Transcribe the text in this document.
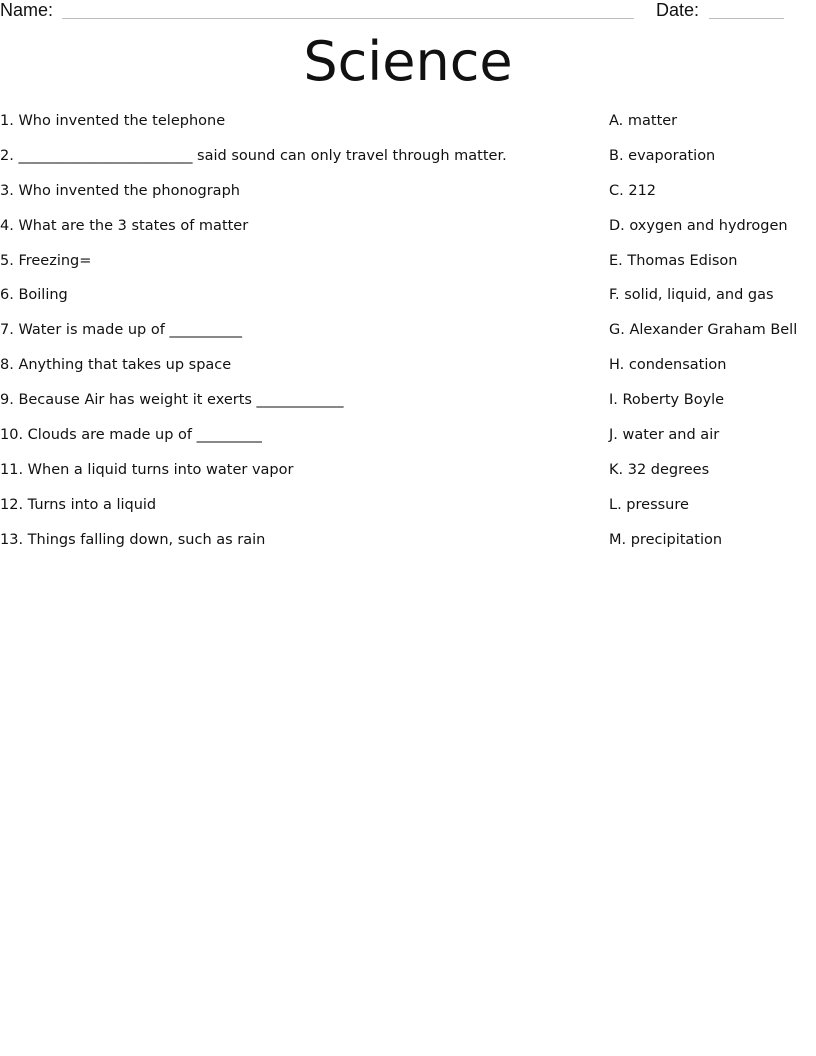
Name:	Date:
Science
1. Who invented the telephone
2. ________________________ said sound can only travel through matter.
3. Who invented the phonograph
4. What are the 3 states of matter
5. Freezing=
6. Boiling
7. Water is made up of __________
8. Anything that takes up space
9. Because Air has weight it exerts ____________
10. Clouds are made up of _________
11. When a liquid turns into water vapor
12. Turns into a liquid
13. Things falling down, such as rain
A. matter
B. evaporation
C. 212
D. oxygen and hydrogen
E. Thomas Edison
F. solid, liquid, and gas
G. Alexander Graham Bell
H. condensation
I. Roberty Boyle
J. water and air
K. 32 degrees
L. pressure
M. precipitation
